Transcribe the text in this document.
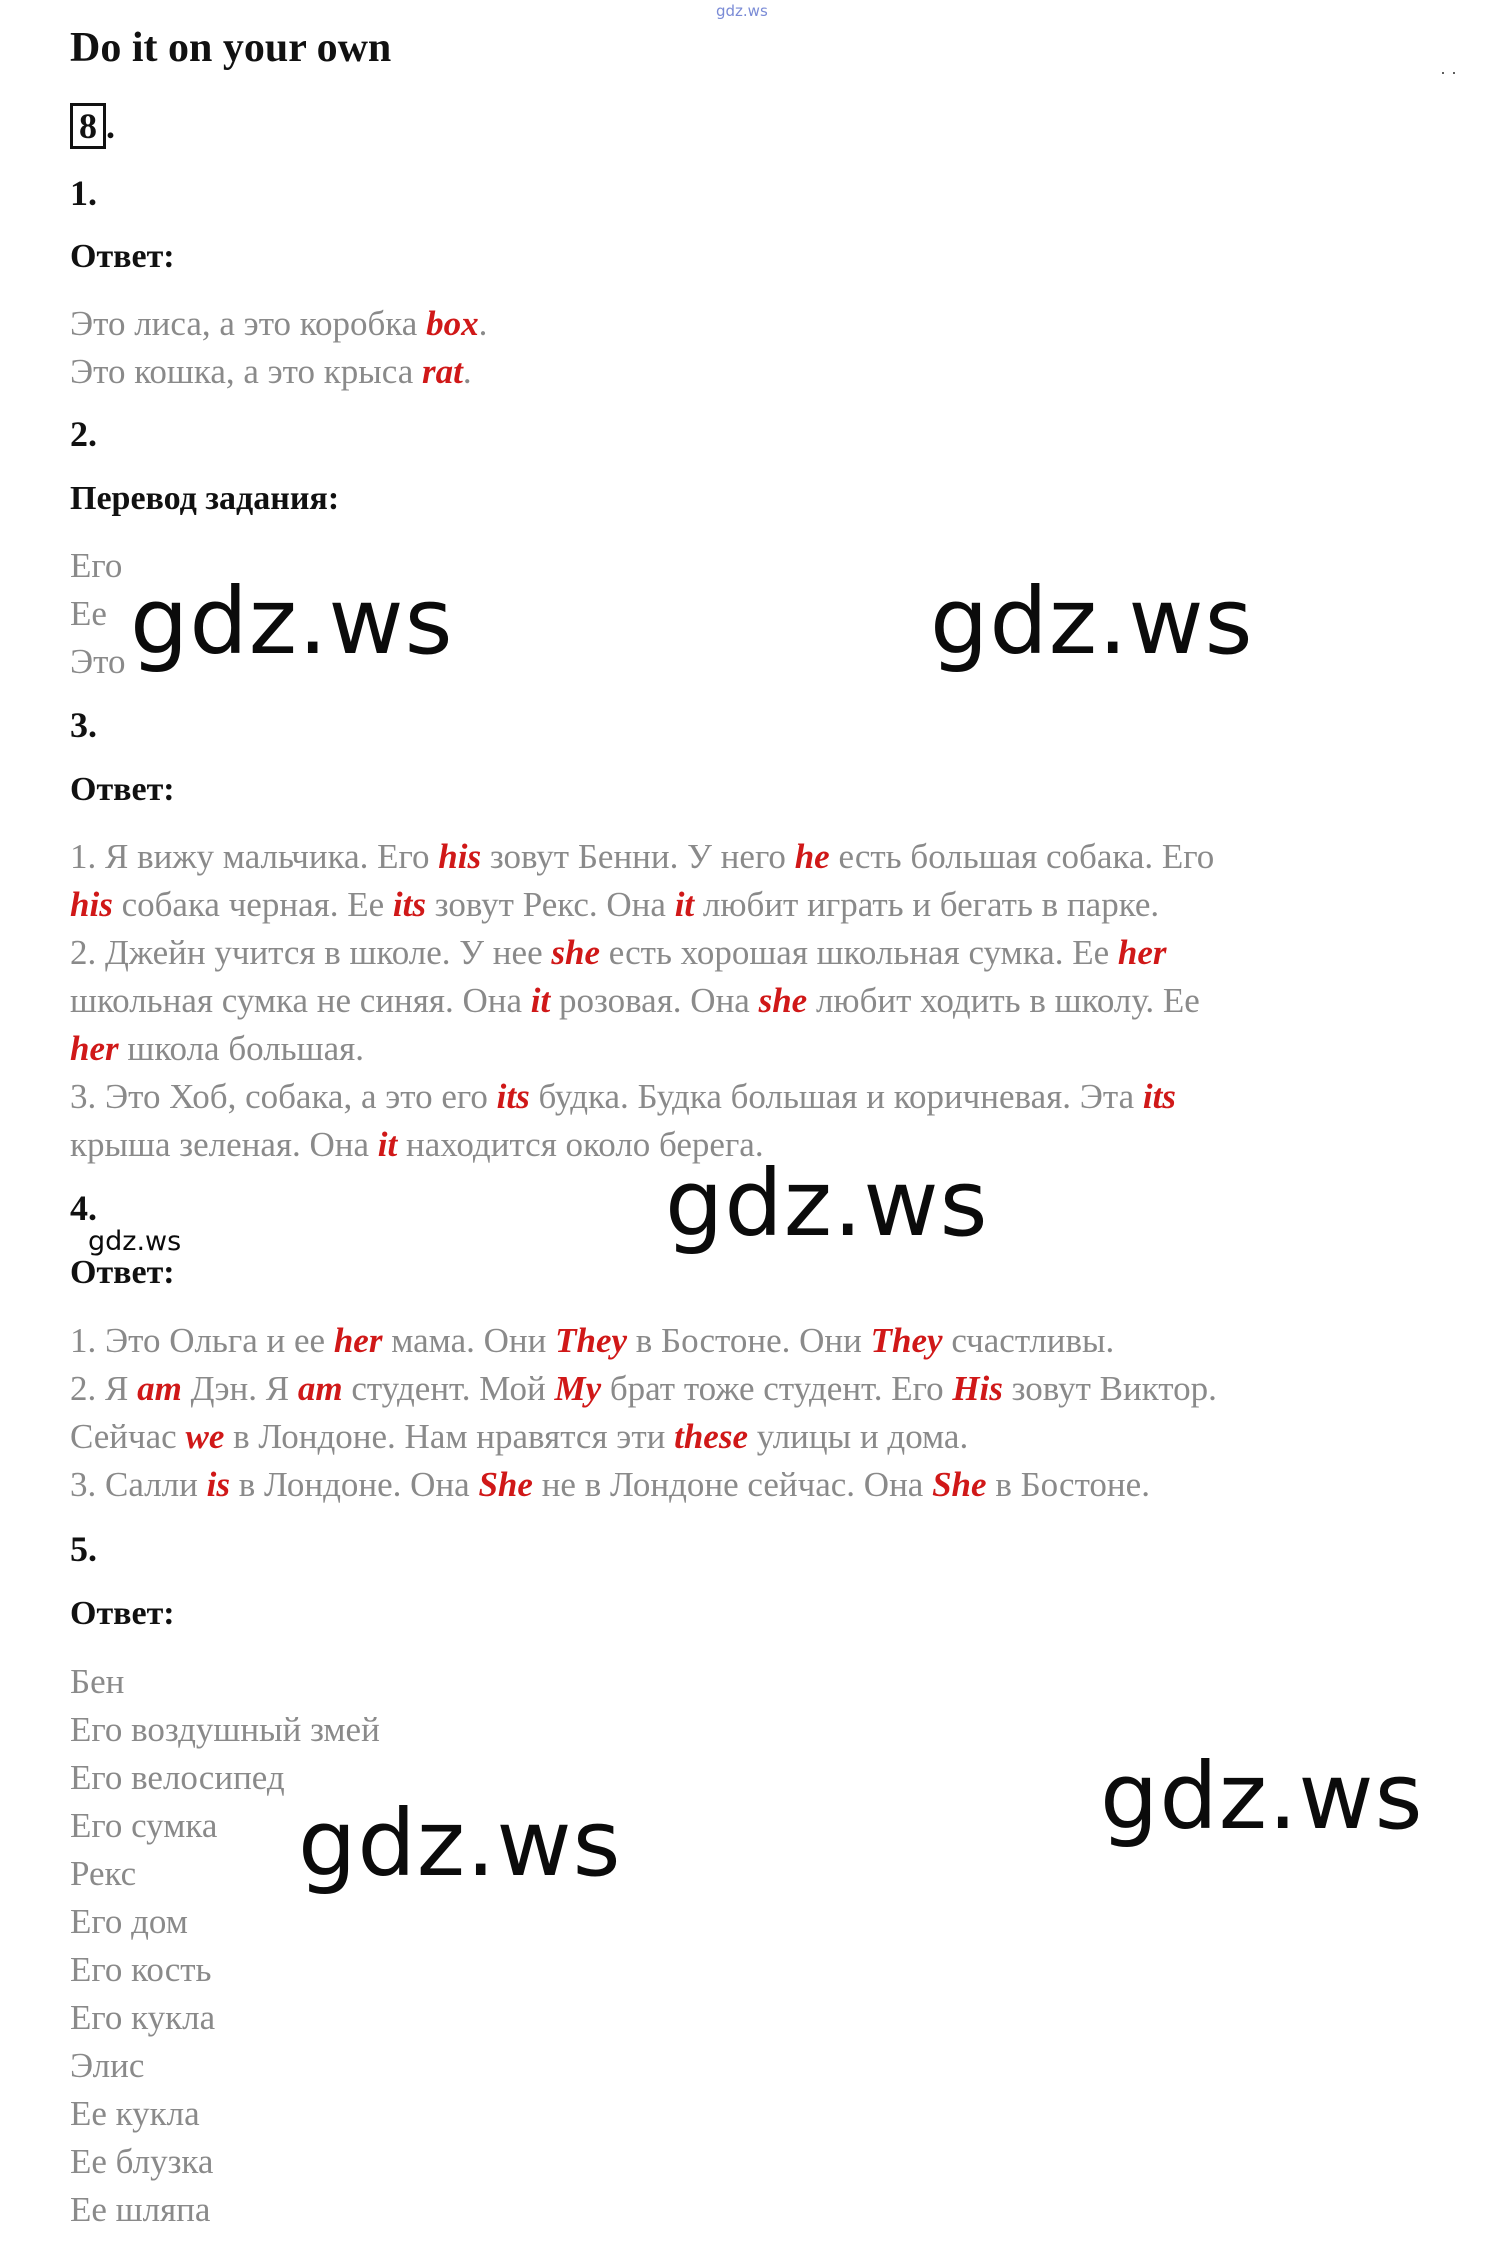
gdz.ws
· ·
Do it on your own
8 .
1.
Ответ:
Это лиса, а это коробка box.
Это кошка, а это крыса rat.
2.
Перевод задания:
Его
Ее
Это
3.
Ответ:
1. Я вижу мальчика. Его his зовут Бенни. У него he есть большая собака. Его
his собака черная. Ее its зовут Рекс. Она it любит играть и бегать в парке.
2. Джейн учится в школе. У нее she есть хорошая школьная сумка. Ее her
школьная сумка не синяя. Она it розовая. Она she любит ходить в школу. Ее
her школа большая.
3. Это Хоб, собака, а это его its будка. Будка большая и коричневая. Эта its
крыша зеленая. Она it находится около берега.
4.
Ответ:
1. Это Ольга и ее her мама. Они They в Бостоне. Они They счастливы.
2. Я am Дэн. Я am студент. Мой My брат тоже студент. Его His зовут Виктор.
Сейчас we в Лондоне. Нам нравятся эти these улицы и дома.
3. Салли is в Лондоне. Она She не в Лондоне сейчас. Она She в Бостоне.
5.
Ответ:
Бен
Его воздушный змей
Его велосипед
Его сумка
Рекс
Его дом
Его кость
Его кукла
Элис
Ее кукла
Ее блузка
Ее шляпа
gdz.ws	gdz.ws
gdz.ws
gdz.ws
gdz.ws
gdz.ws
